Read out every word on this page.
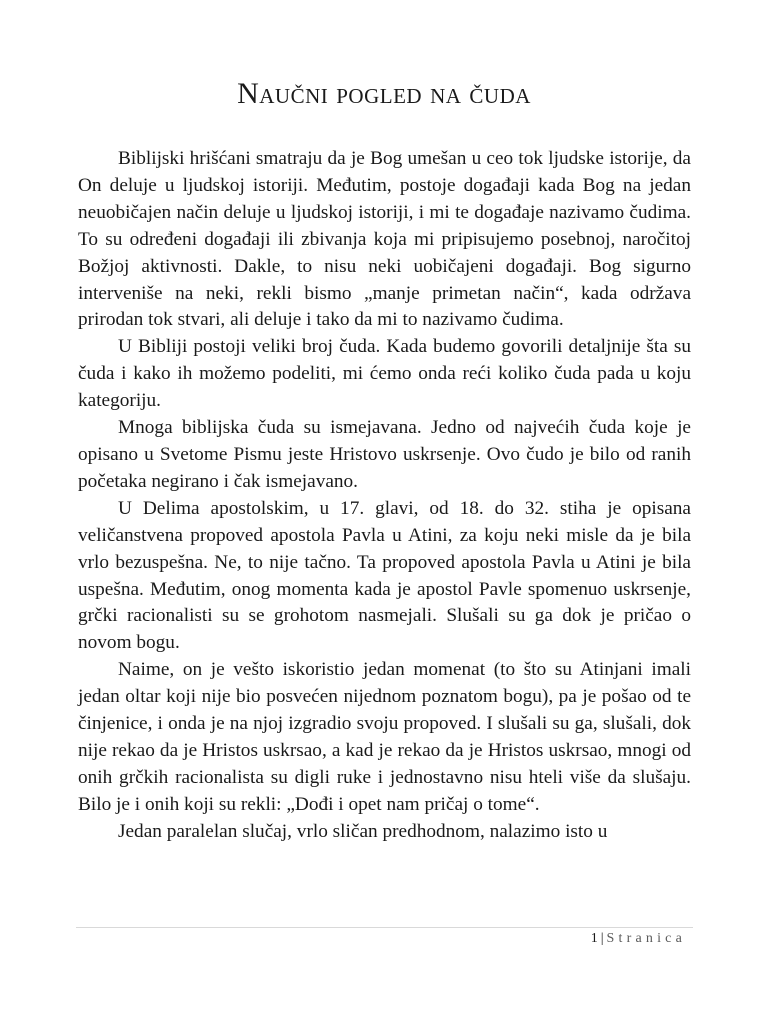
Naučni pogled na čuda

Biblijski hrišćani smatraju da je Bog umešan u ceo tok ljudske istorije, da On deluje u ljudskoj istoriji. Međutim, postoje događaji kada Bog na jedan neuobičajen način deluje u ljudskoj istoriji, i mi te događaje nazivamo čudima. To su određeni događaji ili zbivanja koja mi pripisujemo posebnoj, naročitoj Božjoj aktivnosti. Dakle, to nisu neki uobičajeni događaji. Bog sigurno interveniše na neki, rekli bismo „manje primetan način“, kada održava prirodan tok stvari, ali deluje i tako da mi to nazivamo čudima.

U Bibliji postoji veliki broj čuda. Kada budemo govorili detaljnije šta su čuda i kako ih možemo podeliti, mi ćemo onda reći koliko čuda pada u koju kategoriju.

Mnoga biblijska čuda su ismejavana. Jedno od najvećih čuda koje je opisano u Svetome Pismu jeste Hristovo uskrsenje. Ovo čudo je bilo od ranih početaka negirano i čak ismejavano.

U Delima apostolskim, u 17. glavi, od 18. do 32. stiha je opisana veličanstvena propoved apostola Pavla u Atini, za koju neki misle da je bila vrlo bezuspešna. Ne, to nije tačno. Ta propoved apostola Pavla u Atini je bila uspešna. Međutim, onog momenta kada je apostol Pavle spomenuo uskrsenje, grčki racionalisti su se grohotom nasmejali. Slušali su ga dok je pričao o novom bogu.

Naime, on je vešto iskoristio jedan momenat (to što su Atinjani imali jedan oltar koji nije bio posvećen nijednom poznatom bogu), pa je pošao od te činjenice, i onda je na njoj izgradio svoju propoved. I slušali su ga, slušali, dok nije rekao da je Hristos uskrsao, a kad je rekao da je Hristos uskrsao, mnogi od onih grčkih racionalista su digli ruke i jednostavno nisu hteli više da slušaju. Bilo je i onih koji su rekli: „Dođi i opet nam pričaj o tome“.

Jedan paralelan slučaj, vrlo sličan predhodnom, nalazimo isto u

1 | Stranica
